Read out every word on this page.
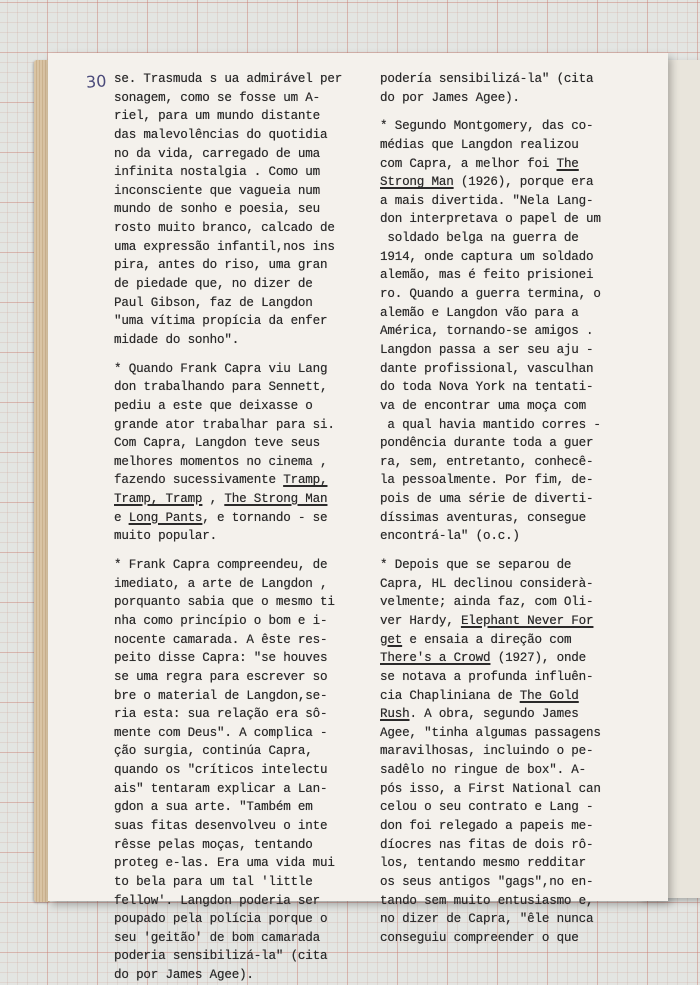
30 se. Trasmuda s ua admirável per
sonagem, como se fosse um A-
riel, para um mundo distante
das malevolências do quotidia
no da vida, carregado de uma
infinita nostalgia . Como um
inconsciente que vagueia num
mundo de sonho e poesia, seu
rosto muito branco, calcado de
uma expressão infantil,nos ins
pira, antes do riso, uma gran
de piedade que, no dizer de
Paul Gibson, faz de Langdon
"uma vítima propícia da enfer
midade do sonho".
* Quando Frank Capra viu Lang
don trabalhando para Sennett,
pediu a este que deixasse o
grande ator trabalhar para si.
Com Capra, Langdon teve seus
melhores momentos no cinema ,
fazendo sucessivamente Tramp,
Tramp, Tramp , The Strong Man
e Long Pants, e tornando - se
muito popular.
* Frank Capra compreendeu, de
imediato, a arte de Langdon ,
porquanto sabia que o mesmo ti
nha como princípio o bom e i-
nocente camarada. A êste res-
peito disse Capra: "se houves
se uma regra para escrever so
bre o material de Langdon,se-
ria esta: sua relação era sô-
mente com Deus". A complica -
ção surgia, continúa Capra,
quando os "críticos intelectu
ais" tentaram explicar a Lan-
gdon a sua arte. "Também em
suas fitas desenvolveu o inte
rêsse pelas moças, tentando
proteg e-las. Era uma vida mui
to bela para um tal 'little
fellow'. Langdon poderia ser
poupado pela polícia porque o
seu 'geitão' de bom camarada
poderia sensibilizá-la" (cita
do por James Agee).
podería sensibilizá-la" (cita
do por James Agee).
* Segundo Montgomery, das co-
médias que Langdon realizou
com Capra, a melhor foi The
Strong Man (1926), porque era
a mais divertida. "Nela Lang-
don interpretava o papel de um
soldado belga na guerra de
1914, onde captura um soldado
alemão, mas é feito prisionei
ro. Quando a guerra termina, o
alemão e Langdon vão para a
América, tornando-se amigos .
Langdon passa a ser seu aju -
dante profissional, vasculhan
do toda Nova York na tentati-
va de encontrar uma moça com
a qual havia mantido corres -
pondência durante toda a guer
ra, sem, entretanto, conhecê-
la pessoalmente. Por fim, de-
pois de uma série de diverti-
díssimas aventuras, consegue
encontrá-la" (o.c.)
* Depois que se separou de
Capra, HL declinou considerà-
velmente; ainda faz, com Oli-
ver Hardy, Elephant Never For
get e ensaia a direção com
There's a Crowd (1927), onde
se notava a profunda influên-
cia Chapliniana de The Gold
Rush. A obra, segundo James
Agee, "tinha algumas passagens
maravilhosas, incluindo o pe-
sadêlo no ringue de box". A-
pós isso, a First National can
celou o seu contrato e Lang -
don foi relegado a papeis me-
díocres nas fitas de dois rô-
los, tentando mesmo redditar
os seus antigos "gags",no en-
tando sem muito entusiasmo e,
no dizer de Capra, "êle nunca
conseguiu compreender o que
